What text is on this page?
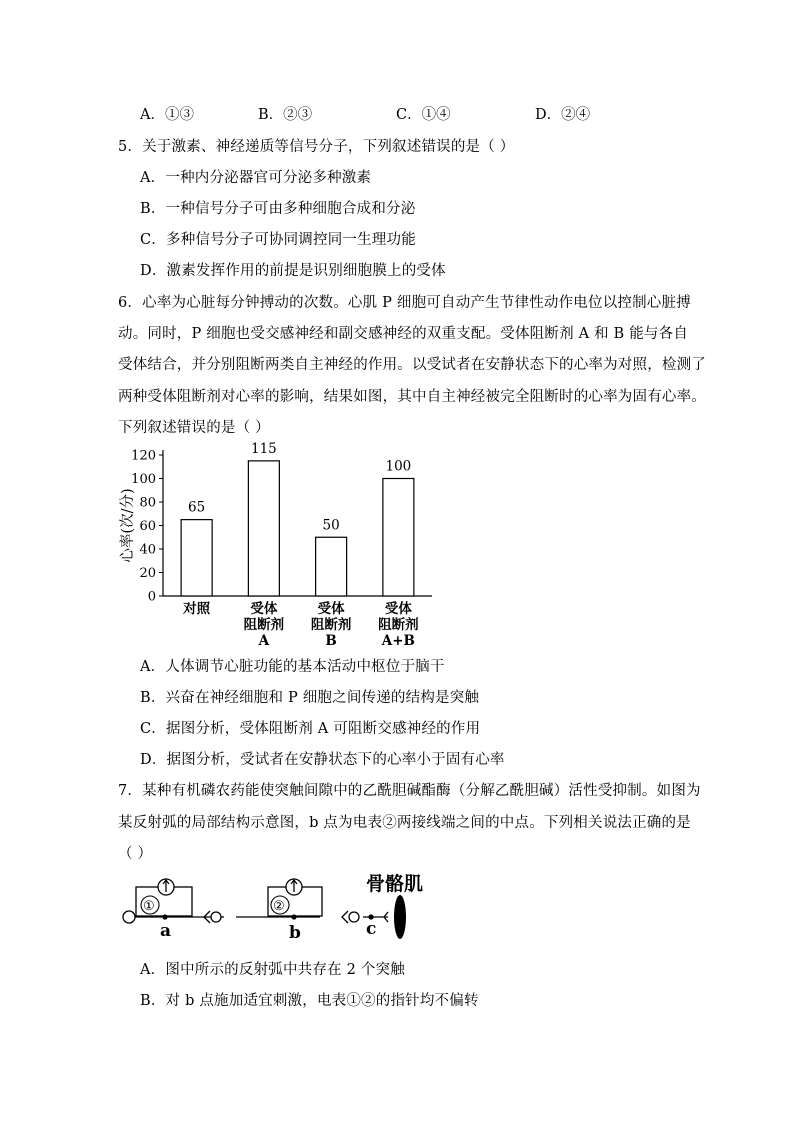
A．①③	B．②③	C．①④	D．②④
5．关于激素、神经递质等信号分子，下列叙述错误的是（ ）
A．一种内分泌器官可分泌多种激素
B．一种信号分子可由多种细胞合成和分泌
C．多种信号分子可协同调控同一生理功能
D．激素发挥作用的前提是识别细胞膜上的受体
6．心率为心脏每分钟搏动的次数。心肌 P 细胞可自动产生节律性动作电位以控制心脏搏
动。同时，P 细胞也受交感神经和副交感神经的双重支配。受体阻断剂 A 和 B 能与各自
受体结合，并分别阻断两类自主神经的作用。以受试者在安静状态下的心率为对照，检测了
两种受体阻断剂对心率的影响，结果如图，其中自主神经被完全阻断时的心率为固有心率。
下列叙述错误的是（ ）
0
20
40
60
80
100
120
心率(次/分)	65
对照
115
受体
阻断剂
A
50
受体
阻断剂
B
100
受体
阻断剂
A+B
A．人体调节心脏功能的基本活动中枢位于脑干
B．兴奋在神经细胞和 P 细胞之间传递的结构是突触
C．据图分析，受体阻断剂 A 可阻断交感神经的作用
D．据图分析，受试者在安静状态下的心率小于固有心率
7．某种有机磷农药能使突触间隙中的乙酰胆碱酯酶（分解乙酰胆碱）活性受抑制。如图为
某反射弧的局部结构示意图，b 点为电表②两接线端之间的中点。下列相关说法正确的是
（ ）
骨骼肌
①	②
a	b	c
A．图中所示的反射弧中共存在 2 个突触
B．对 b 点施加适宜刺激，电表①②的指针均不偏转
